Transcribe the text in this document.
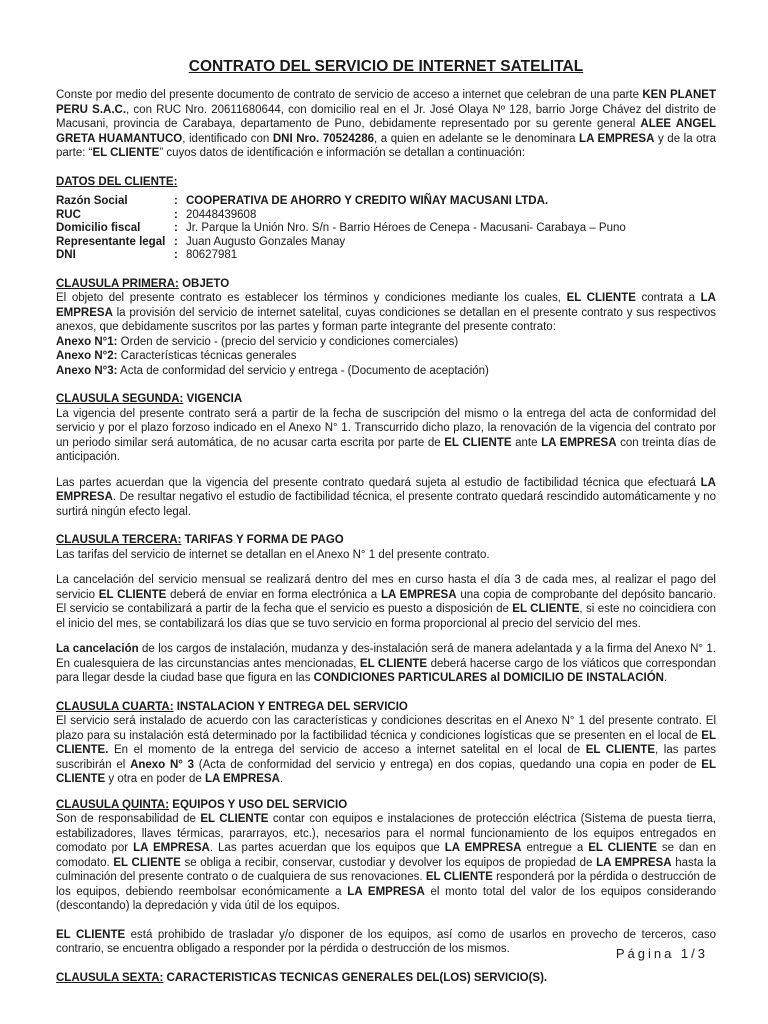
CONTRATO DEL SERVICIO DE INTERNET SATELITAL

Conste por medio del presente documento de contrato de servicio de acceso a internet que celebran de una parte KEN PLANET PERU S.A.C., con RUC Nro. 20611680644, con domicilio real en el Jr. José Olaya Nº 128, barrio Jorge Chávez del distrito de Macusani, provincia de Carabaya, departamento de Puno, debidamente representado por su gerente general ALEE ANGEL GRETA HUAMANTUCO, identificado con DNI Nro. 70524286, a quien en adelante se le denominara LA EMPRESA y de la otra parte: “EL CLIENTE” cuyos datos de identificación e información se detallan a continuación:

DATOS DEL CLIENTE:
Razón Social	: COOPERATIVA DE AHORRO Y CREDITO WIÑAY MACUSANI LTDA.
RUC	: 20448439608
Domicilio fiscal	: Jr. Parque la Unión Nro. S/n - Barrio Héroes de Cenepa - Macusani- Carabaya – Puno
Representante legal : Juan Augusto Gonzales Manay
DNI	: 80627981
CLAUSULA PRIMERA: OBJETO

El objeto del presente contrato es establecer los términos y condiciones mediante los cuales, EL CLIENTE contrata a LA EMPRESA la provisión del servicio de internet satelital, cuyas condiciones se detallan en el presente contrato y sus respectivos anexos, que debidamente suscritos por las partes y forman parte integrante del presente contrato:

Anexo N°1: Orden de servicio - (precio del servicio y condiciones comerciales)

Anexo N°2: Características técnicas generales

Anexo N°3: Acta de conformidad del servicio y entrega - (Documento de aceptación)

CLAUSULA SEGUNDA: VIGENCIA

La vigencia del presente contrato será a partir de la fecha de suscripción del mismo o la entrega del acta de conformidad del servicio y por el plazo forzoso indicado en el Anexo N° 1. Transcurrido dicho plazo, la renovación de la vigencia del contrato por un periodo similar será automática, de no acusar carta escrita por parte de EL CLIENTE ante LA EMPRESA con treinta días de anticipación.

Las partes acuerdan que la vigencia del presente contrato quedará sujeta al estudio de factibilidad técnica que efectuará LA EMPRESA. De resultar negativo el estudio de factibilidad técnica, el presente contrato quedará rescindido automáticamente y no surtirá ningún efecto legal.

CLAUSULA TERCERA: TARIFAS Y FORMA DE PAGO

Las tarifas del servicio de internet se detallan en el Anexo N° 1 del presente contrato.

La cancelación del servicio mensual se realizará dentro del mes en curso hasta el día 3 de cada mes, al realizar el pago del servicio EL CLIENTE deberá de enviar en forma electrónica a LA EMPRESA una copia de comprobante del depósito bancario. El servicio se contabilizará a partir de la fecha que el servicio es puesto a disposición de EL CLIENTE, si este no coincidiera con el inicio del mes, se contabilizará los días que se tuvo servicio en forma proporcional al precio del servicio del mes.

La cancelación de los cargos de instalación, mudanza y des-instalación será de manera adelantada y a la firma del Anexo N° 1. En cualesquiera de las circunstancias antes mencionadas, EL CLIENTE deberá hacerse cargo de los viáticos que correspondan para llegar desde la ciudad base que figura en las CONDICIONES PARTICULARES al DOMICILIO DE INSTALACIÓN.

CLAUSULA CUARTA: INSTALACION Y ENTREGA DEL SERVICIO

El servicio será instalado de acuerdo con las características y condiciones descritas en el Anexo N° 1 del presente contrato. El plazo para su instalación está determinado por la factibilidad técnica y condiciones logísticas que se presenten en el local de EL CLIENTE. En el momento de la entrega del servicio de acceso a internet satelital en el local de EL CLIENTE, las partes suscribirán el Anexo N° 3 (Acta de conformidad del servicio y entrega) en dos copias, quedando una copia en poder de EL CLIENTE y otra en poder de LA EMPRESA.

CLAUSULA QUINTA: EQUIPOS Y USO DEL SERVICIO

Son de responsabilidad de EL CLIENTE contar con equipos e instalaciones de protección eléctrica (Sistema de puesta tierra, estabilizadores, llaves térmicas, pararrayos, etc.), necesarios para el normal funcionamiento de los equipos entregados en comodato por LA EMPRESA. Las partes acuerdan que los equipos que LA EMPRESA entregue a EL CLIENTE se dan en comodato. EL CLIENTE se obliga a recibir, conservar, custodiar y devolver los equipos de propiedad de LA EMPRESA hasta la culminación del presente contrato o de cualquiera de sus renovaciones. EL CLIENTE responderá por la pérdida o destrucción de los equipos, debiendo reembolsar económicamente a LA EMPRESA el monto total del valor de los equipos considerando (descontando) la depredación y vida útil de los equipos.

EL CLIENTE está prohibido de trasladar y/o disponer de los equipos, así como de usarlos en provecho de terceros, caso contrario, se encuentra obligado a responder por la pérdida o destrucción de los mismos.

CLAUSULA SEXTA: CARACTERISTICAS TECNICAS GENERALES DEL(LOS) SERVICIO(S).
Página 1/3
